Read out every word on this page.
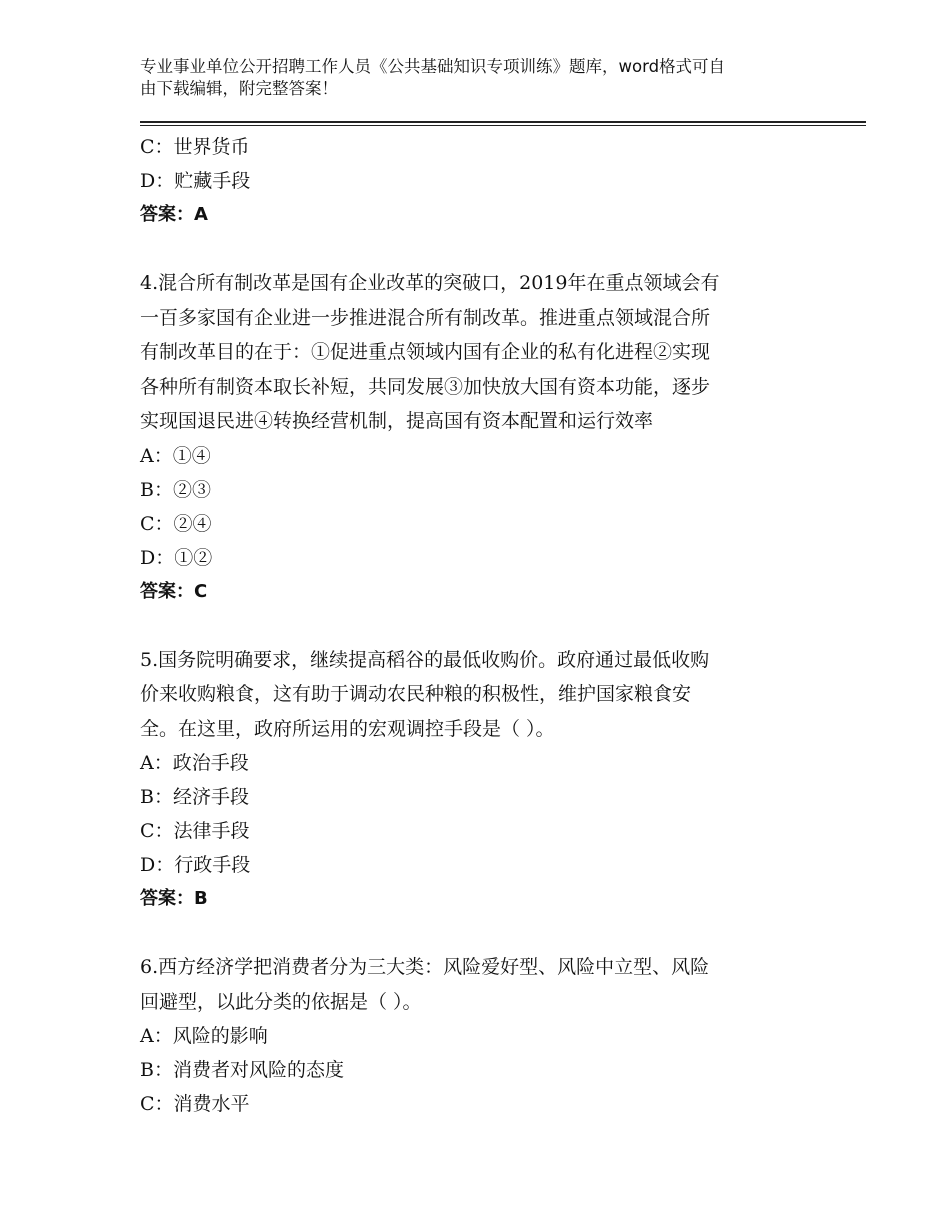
专业事业单位公开招聘工作人员《公共基础知识专项训练》题库，word格式可自
由下载编辑，附完整答案！
C：世界货币
D：贮藏手段
答案：A
4.混合所有制改革是国有企业改革的突破口，2019年在重点领域会有
一百多家国有企业进一步推进混合所有制改革。推进重点领域混合所
有制改革目的在于：①促进重点领域内国有企业的私有化进程②实现
各种所有制资本取长补短，共同发展③加快放大国有资本功能，逐步
实现国退民进④转换经营机制，提高国有资本配置和运行效率
A：①④
B：②③
C：②④
D：①②
答案：C
5.国务院明确要求，继续提高稻谷的最低收购价。政府通过最低收购
价来收购粮食，这有助于调动农民种粮的积极性，维护国家粮食安
全。在这里，政府所运用的宏观调控手段是（ ）。
A：政治手段
B：经济手段
C：法律手段
D：行政手段
答案：B
6.西方经济学把消费者分为三大类：风险爱好型、风险中立型、风险
回避型，以此分类的依据是（ ）。
A：风险的影响
B：消费者对风险的态度
C：消费水平
